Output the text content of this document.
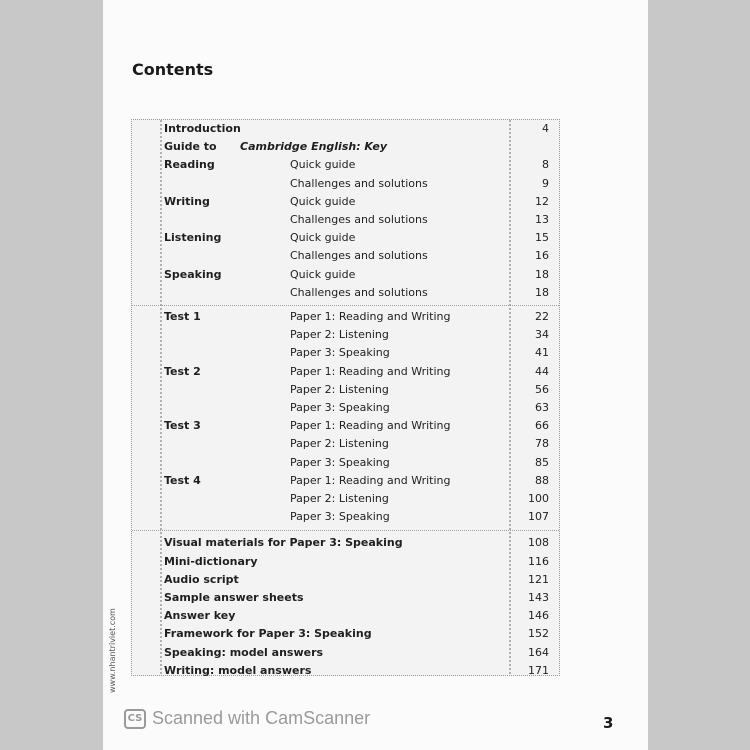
Contents
Introduction	4
Guide to Cambridge English: Key
Reading	Quick guide	8
Challenges and solutions	9
Writing	Quick guide	12
Challenges and solutions	13
Listening	Quick guide	15
Challenges and solutions	16
Speaking	Quick guide	18
Challenges and solutions	18
Test 1	Paper 1: Reading and Writing	22
Paper 2: Listening	34
Paper 3: Speaking	41
Test 2	Paper 1: Reading and Writing	44
Paper 2: Listening	56
Paper 3: Speaking	63
Test 3	Paper 1: Reading and Writing	66
Paper 2: Listening	78
Paper 3: Speaking	85
Test 4	Paper 1: Reading and Writing	88
Paper 2: Listening	100
Paper 3: Speaking	107
Visual materials for Paper 3: Speaking	108
Mini-dictionary	116
Audio script	121
Sample answer sheets	143
Answer key	146
Framework for Paper 3: Speaking	152
Speaking: model answers	164
Writing: model answers	171
www.nhantriviet.com
CS Scanned with CamScanner	3
